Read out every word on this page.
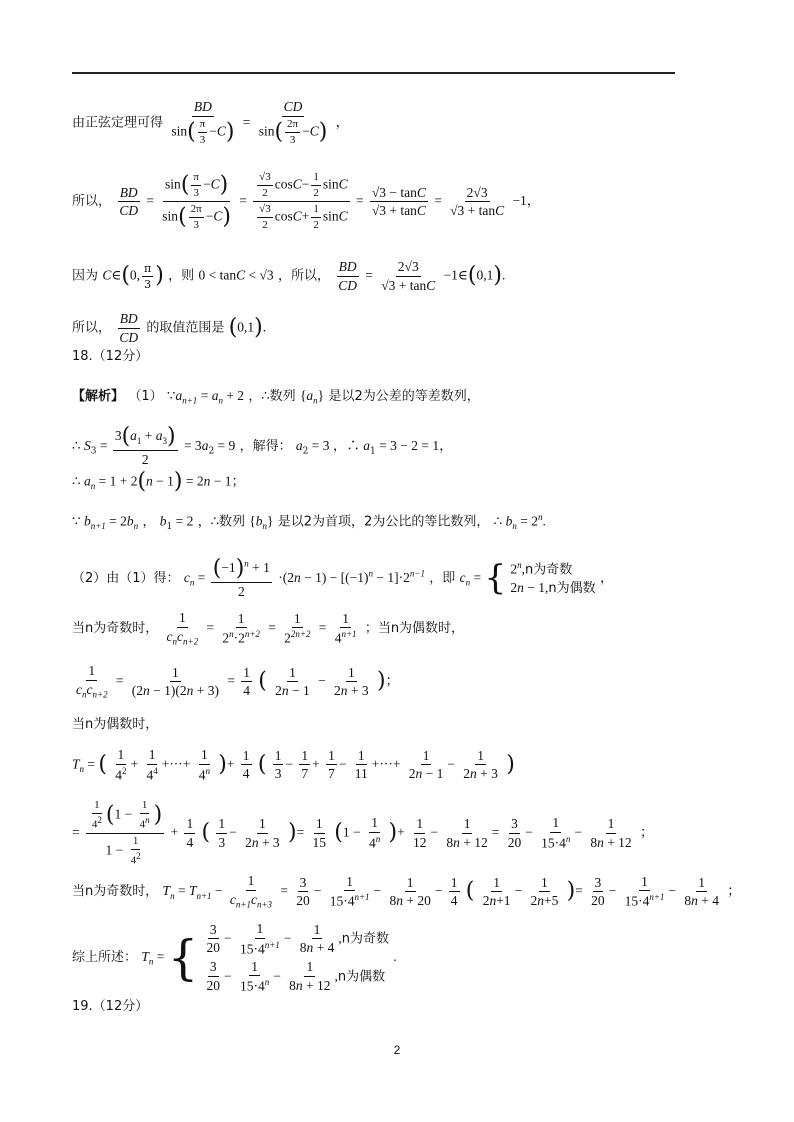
由正弦定理可得 $\frac{BD}{\sin( \frac{\pi}{3} -C)} = \frac{CD}{\sin( \frac{2\pi}{3} -C)}$ ，
所以， $\frac{BD}{CD} = \frac{\sin( \frac{\pi}{3} -C)}{\sin( \frac{2\pi}{3} -C)} = \frac{\frac{√3}{2} \cos C- \frac{1}{2} \sin C}{\frac{√3}{2} \cos C+ \frac{1}{2} \sin C} = \frac{√3 - \tan C}{√3 + \tan C} = \frac{2√3}{√3 + \tan C} -1$，
因为 C∈(0, $\frac{\pi}{3}$ ) ，则 0 < tanC < √3 ，所以， $\frac{BD}{CD} = \frac{2√3}{√3 + \tan C}$ −1∈(0,1).
所以， $\frac{BD}{CD}$ 的取值范围是 (0,1).
18.（12分）
【解析】 （1） $\because a_{n+1} = a_n + 2$ ，∴数列 $\{a_n\}$ 是以2为公差的等差数列，
∴ $S_3 = \frac{3(a_1 + a_3)}{2} = 3a_2 = 9$ ，解得： $a_2 = 3$ ，∴ $a_1 = 3 - 2 = 1$，
∴ $a_n = 1 + 2(n - 1) = 2n - 1$；
∵ $b_{n+1} = 2b_n$ ， $b_1 = 2$ ，∴数列 $\{b_n\}$ 是以2为首项，2为公比的等比数列， ∴ $b_n = 2^n$.
（2）由（1）得： $c_n = \frac{(-1)^n + 1}{2} \cdot(2n - 1) - [(-1)^n - 1]\cdot 2^{n-1}$ ，即 $c_n$ = { 2$^n$,n为奇数
2n − 1,n为偶数
，
当n为奇数时， $\frac{1}{c_nc_{n+2}} = \frac{1}{2^n\cdot 2^{n+2}} = \frac{1}{2^{2n+2}} = \frac{1}{4^{n+1}}$ ；当n为偶数时，
$\frac{1}{c_nc_{n+2}} = \frac{1}{(2n - 1)(2n + 3)} = \frac{1}{4}$ ( $\frac{1}{2n - 1} - \frac{1}{2n + 3}$ )；
当n为偶数时，
$T_n$ = ( $\frac{1}{4^2} + \frac{1}{4^4}$ +···+ $\frac{1}{4^n}$ )+ $\frac{1}{4}$ ( $\frac{1}{3} - \frac{1}{7} + \frac{1}{7} - \frac{1}{11}$ +···+ $\frac{1}{2n - 1} - \frac{1}{2n + 3}$ )
= $\frac{\frac{1}{4^2} (1 - \frac{1}{4^n} )}{1 - \frac{1}{4^2}} + \frac{1}{4}$ ( $\frac{1}{3} - \frac{1}{2n + 3}$ )= $\frac{1}{15} (1 - \frac{1}{4^n}$ )+ $\frac{1}{12} - \frac{1}{8n + 12} = \frac{3}{20} - \frac{1}{15\cdot 4^n} - \frac{1}{8n + 12}$ ；
当n为奇数时， $T_n = T_{n+1} - \frac{1}{c_{n+1}c_{n+3}} = \frac{3}{20} - \frac{1}{15\cdot 4^{n+1}} - \frac{1}{8n + 20} - \frac{1}{4}$ ( $\frac{1}{2n+1} - \frac{1}{2n+5}$ )= $\frac{3}{20} - \frac{1}{15\cdot 4^{n+1}} - \frac{1}{8n + 4}$ ；
综上所述： $T_n$ = { $\frac{3}{20} - \frac{1}{15\cdot 4^{n+1}} - \frac{1}{8n + 4} ,n$为奇数
$\frac{3}{20} - \frac{1}{15\cdot 4^n} - \frac{1}{8n + 12} ,n$为偶数
.
19.（12分）
2
